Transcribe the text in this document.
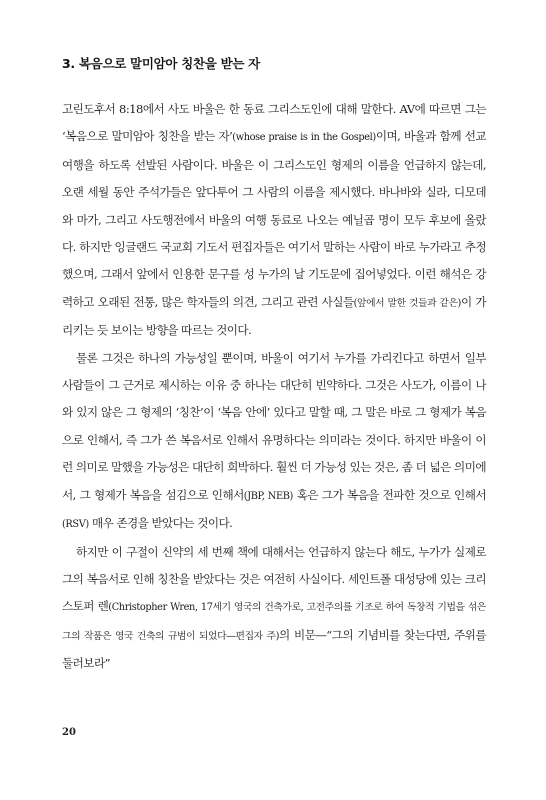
3. 복음으로 말미암아 칭찬을 받는 자

고린도후서 8:18에서 사도 바울은 한 동료 그리스도인에 대해 말한다. AV에 따르면 그는 ‘복음으로 말미암아 칭찬을 받는 자’(whose praise is in the Gospel)이며, 바울과 함께 선교 여행을 하도록 선발된 사람이다. 바울은 이 그리스도인 형제의 이름을 언급하지 않는데, 오랜 세월 동안 주석가들은 앞다투어 그 사람의 이름을 제시했다. 바나바와 실라, 디모데와 마가, 그리고 사도행전에서 바울의 여행 동료로 나오는 예닐곱 명이 모두 후보에 올랐다. 하지만 잉글랜드 국교회 기도서 편집자들은 여기서 말하는 사람이 바로 누가라고 추정했으며, 그래서 앞에서 인용한 문구를 성 누가의 날 기도문에 집어넣었다. 이런 해석은 강력하고 오래된 전통, 많은 학자들의 의견, 그리고 관련 사실들(앞에서 말한 것들과 같은)이 가리키는 듯 보이는 방향을 따르는 것이다.

물론 그것은 하나의 가능성일 뿐이며, 바울이 여기서 누가를 가리킨다고 하면서 일부 사람들이 그 근거로 제시하는 이유 중 하나는 대단히 빈약하다. 그것은 사도가, 이름이 나와 있지 않은 그 형제의 ‘칭찬’이 ‘복음 안에’ 있다고 말할 때, 그 말은 바로 그 형제가 복음으로 인해서, 즉 그가 쓴 복음서로 인해서 유명하다는 의미라는 것이다. 하지만 바울이 이런 의미로 말했을 가능성은 대단히 희박하다. 훨씬 더 가능성 있는 것은, 좀 더 넓은 의미에서, 그 형제가 복음을 섬김으로 인해서(JBP, NEB) 혹은 그가 복음을 전파한 것으로 인해서(RSV) 매우 존경을 받았다는 것이다.

하지만 이 구절이 신약의 세 번째 책에 대해서는 언급하지 않는다 해도, 누가가 실제로 그의 복음서로 인해 칭찬을 받았다는 것은 여전히 사실이다. 세인트폴 대성당에 있는 크리스토퍼 렌(Christopher Wren, 17세기 영국의 건축가로, 고전주의를 기조로 하여 독창적 기법을 섞은 그의 작품은 영국 건축의 규범이 되었다—편집자 주)의 비문—“그의 기념비를 찾는다면, 주위를 둘러보라”

20
